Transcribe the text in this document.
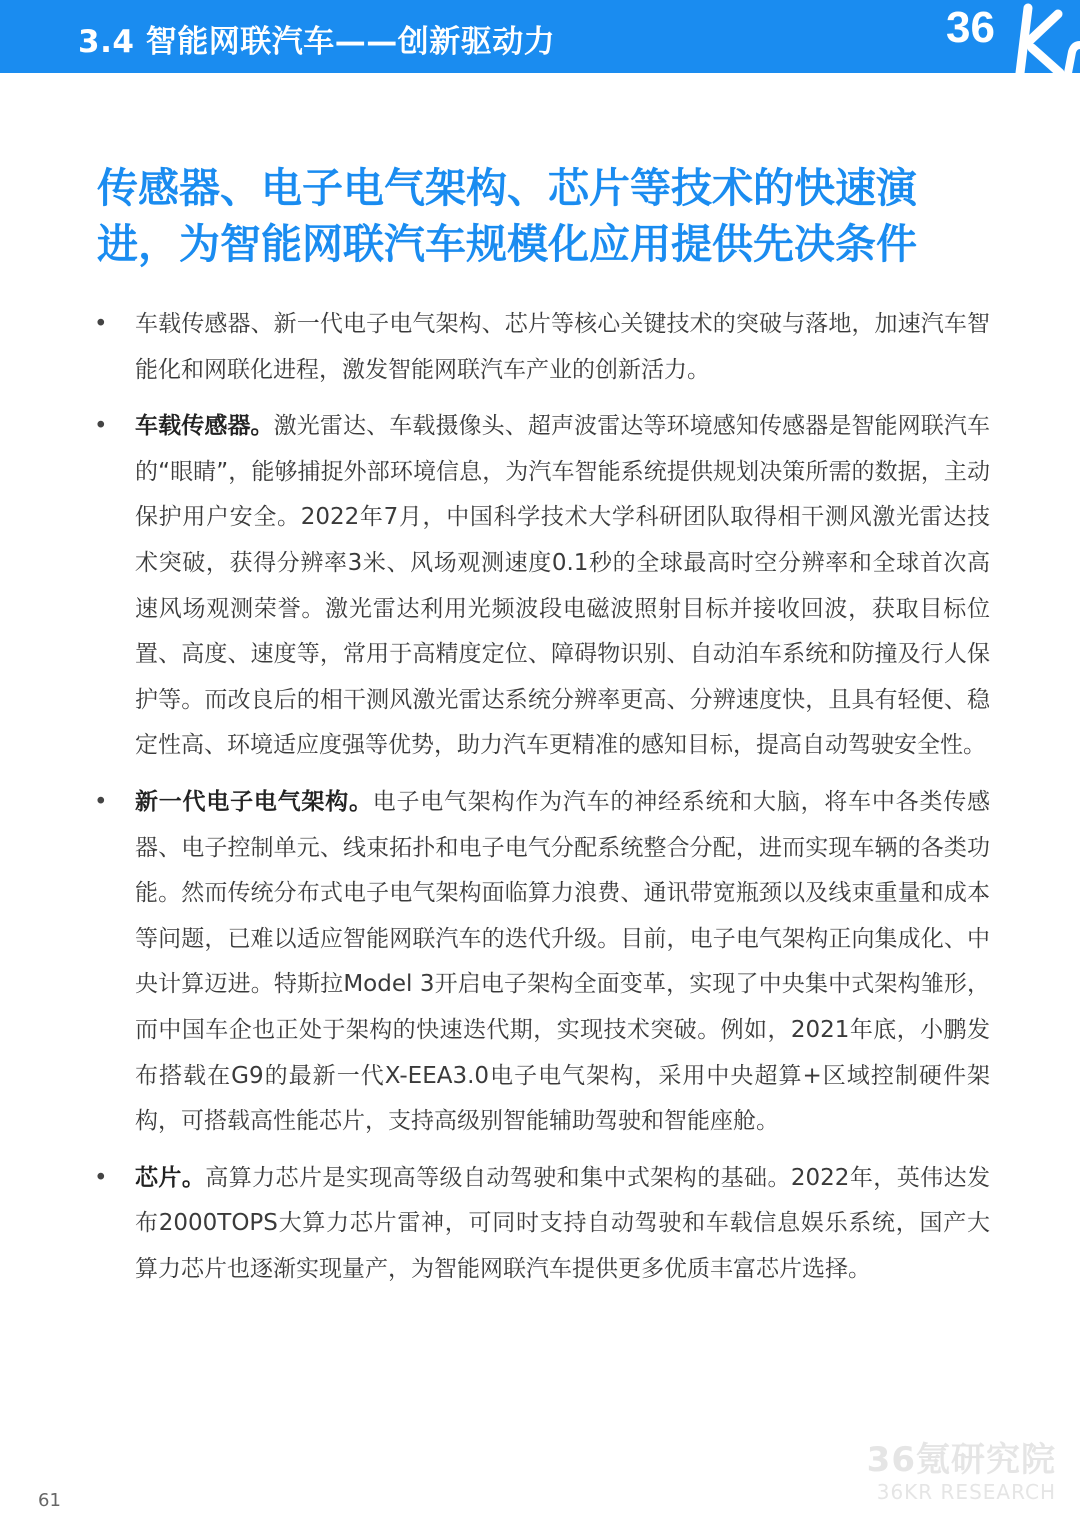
3.4 智能网联汽车——创新驱动力	36
传感器、电子电气架构、芯片等技术的快速演进，为智能网联汽车规模化应用提供先决条件
• 车载传感器、新一代电子电气架构、芯片等核心关键技术的突破与落地，加速汽车智能化和网联化进程，激发智能网联汽车产业的创新活力。
• 车载传感器。激光雷达、车载摄像头、超声波雷达等环境感知传感器是智能网联汽车的“眼睛”，能够捕捉外部环境信息，为汽车智能系统提供规划决策所需的数据，主动保护用户安全。2022年7月，中国科学技术大学科研团队取得相干测风激光雷达技术突破，获得分辨率3米、风场观测速度0.1秒的全球最高时空分辨率和全球首次高速风场观测荣誉。激光雷达利用光频波段电磁波照射目标并接收回波，获取目标位置、高度、速度等，常用于高精度定位、障碍物识别、自动泊车系统和防撞及行人保护等。而改良后的相干测风激光雷达系统分辨率更高、分辨速度快，且具有轻便、稳定性高、环境适应度强等优势，助力汽车更精准的感知目标，提高自动驾驶安全性。
• 新一代电子电气架构。电子电气架构作为汽车的神经系统和大脑，将车中各类传感器、电子控制单元、线束拓扑和电子电气分配系统整合分配，进而实现车辆的各类功能。然而传统分布式电子电气架构面临算力浪费、通讯带宽瓶颈以及线束重量和成本等问题，已难以适应智能网联汽车的迭代升级。目前，电子电气架构正向集成化、中央计算迈进。特斯拉Model 3开启电子架构全面变革，实现了中央集中式架构雏形，而中国车企也正处于架构的快速迭代期，实现技术突破。例如，2021年底，小鹏发布搭载在G9的最新一代X-EEA3.0电子电气架构，采用中央超算+区域控制硬件架构，可搭载高性能芯片，支持高级别智能辅助驾驶和智能座舱。
• 芯片。高算力芯片是实现高等级自动驾驶和集中式架构的基础。2022年，英伟达发布2000TOPS大算力芯片雷神，可同时支持自动驾驶和车载信息娱乐系统，国产大算力芯片也逐渐实现量产，为智能网联汽车提供更多优质丰富芯片选择。
36氪研究院
36KR RESEARCH
61
